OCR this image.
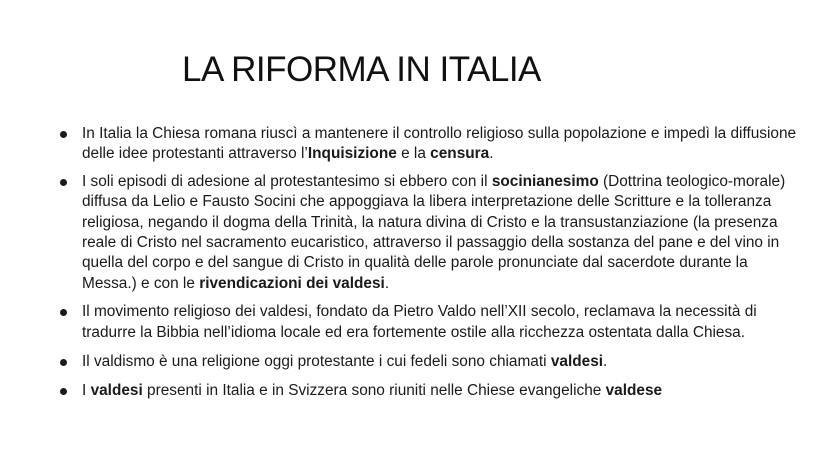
LA RIFORMA IN ITALIA
In Italia la Chiesa romana riuscì a mantenere il controllo religioso sulla popolazione e impedì la diffusione delle idee protestanti attraverso l’Inquisizione e la censura.
I soli episodi di adesione al protestantesimo si ebbero con il socinianesimo (Dottrina teologico-morale) diffusa da Lelio e Fausto Socini che appoggiava la libera interpretazione delle Scritture e la tolleranza religiosa, negando il dogma della Trinità, la natura divina di Cristo e la transustanziazione (la presenza reale di Cristo nel sacramento eucaristico, attraverso il passaggio della sostanza del pane e del vino in quella del corpo e del sangue di Cristo in qualità delle parole pronunciate dal sacerdote durante la Messa.) e con le rivendicazioni dei valdesi.
Il movimento religioso dei valdesi, fondato da Pietro Valdo nell’XII secolo, reclamava la necessità di tradurre la Bibbia nell’idioma locale ed era fortemente ostile alla ricchezza ostentata dalla Chiesa.
Il valdismo è una religione oggi protestante i cui fedeli sono chiamati valdesi.
I valdesi presenti in Italia e in Svizzera sono riuniti nelle Chiese evangeliche valdese
